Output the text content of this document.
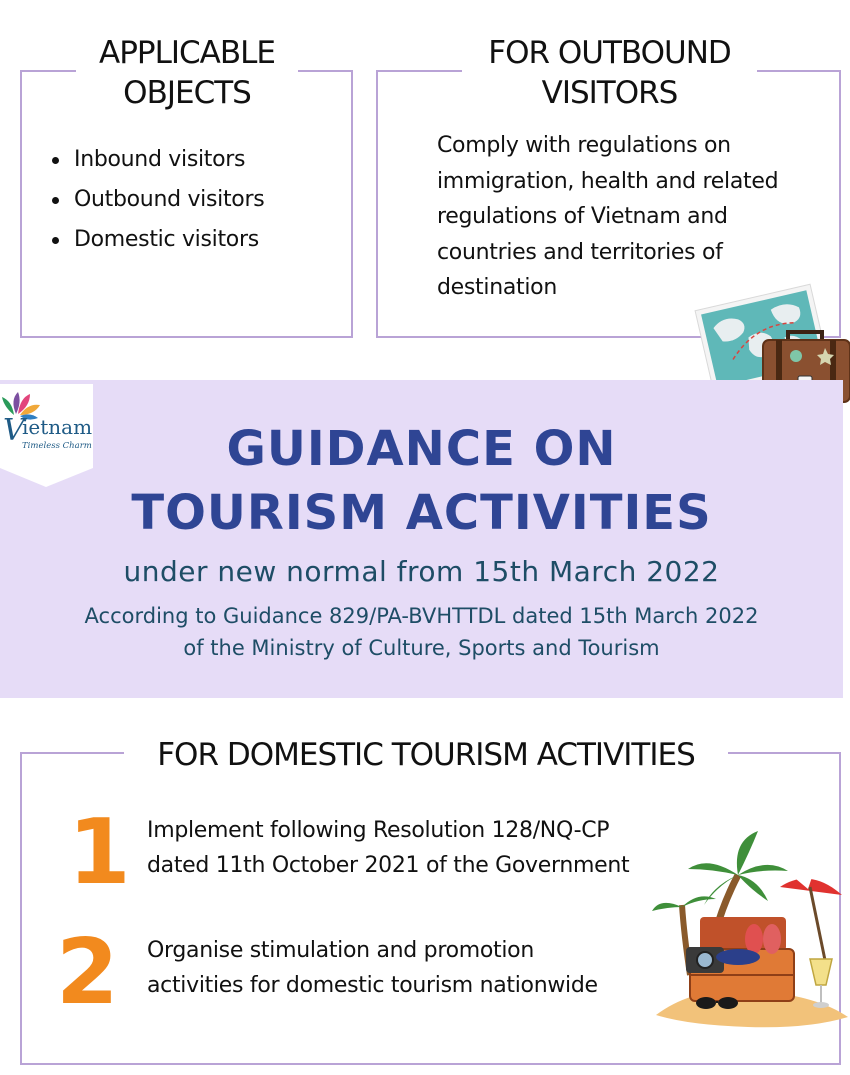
APPLICABLE
OBJECTS
Inbound visitors
Outbound visitors
Domestic visitors
FOR OUTBOUND
VISITORS
Comply with regulations on immigration, health and related regulations of Vietnam and countries and territories of destination
V
ietnam
Timeless Charm	GUIDANCE ON
TOURISM ACTIVITIES
under new normal from 15th March 2022
According to Guidance 829/PA-BVHTTDL dated 15th March 2022
of the Ministry of Culture, Sports and Tourism
FOR DOMESTIC TOURISM ACTIVITIES
1 Implement following Resolution 128/NQ-CP
dated 11th October 2021 of the Government
2 Organise stimulation and promotion
activities for domestic tourism nationwide
